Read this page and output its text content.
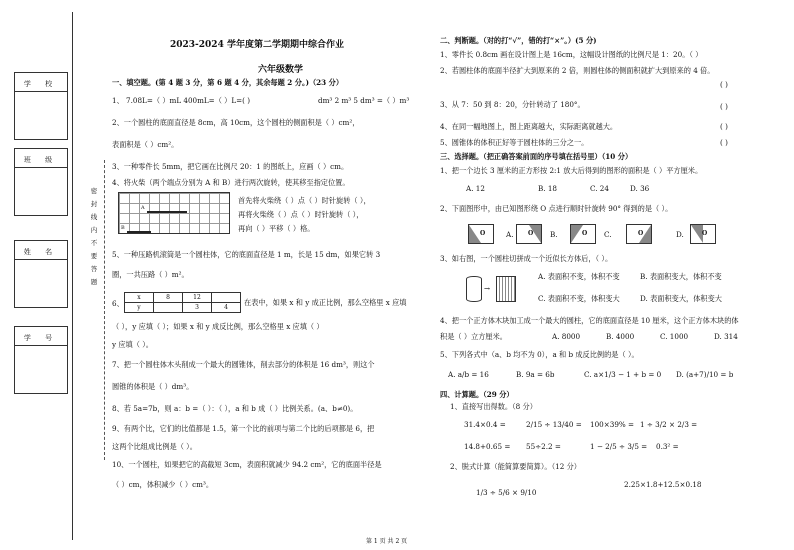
学 校
班 级
姓 名
学 号
密
封
线
内
不
要
答
题
2023-2024 学年度第二学期期中综合作业
六年级数学
一、填空题。(第 4 题 3 分，第 6 题 4 分，其余每题 2 分。)（23 分）
1、 7.08L=（ ）mL 400mL=（ ）L=( )	dm³ 2 m³ 5 dm³ =（ ）m³
2、一个圆柱的底面直径是 8cm，高 10cm，这个圆柱的侧面积是（ ）cm²，
表面积是（ ）cm²。
3、一种零件长 5mm，把它画在比例尺 20：1 的图纸上，应画（ ）cm。
4、将火柴（两个端点分别为 A 和 B）进行两次旋转，使其移至指定位置。
A
B
首先将火柴绕（ ）点（ ）时针旋转（ ），
再将火柴绕（ ）点（ ）时针旋转（ ），
再向（ ）平移（ ）格。
5、一种压路机滚筒是一个圆柱体，它的底面直径是 1 m，长是 15 dm，如果它转 3
圈，一共压路（ ）m²。
6、
x	8	12	
y		3	4
在表中，如果 x 和 y 成正比例，那么空格里 x 应填
（ ），y 应填（ ）；如果 x 和 y 成反比例，那么空格里 x 应填（ ）
y 应填（ ）。
7、把一个圆柱体木头削成一个最大的圆锥体，削去部分的体积是 16 dm³，则这个
圆锥的体积是（ ）dm³。
8、若 5a=7b，则 a：b =（ ）：（ ），a 和 b 成（ ）比例关系。(a、b≠0)。
9、有两个比，它们的比值都是 1.5，第一个比的前项与第二个比的后项都是 6，把
这两个比组成比例是（ ）。
10、一个圆柱，如果把它的高截短 3cm，表面积就减少 94.2 cm²，它的底面半径是
（ ）cm，体积减少（ ）cm³。
二、判断题。（对的打“√”，错的打“×”。）(5 分)
1、零件长 0.8cm 画在设计图上是 16cm，这幅设计图纸的比例尺是 1：20。（ ）
2、若圆柱体的底面半径扩大到原来的 2 倍，则圆柱体的侧面积就扩大到原来的 4 倍。
( )
3、从 7：50 到 8：20，分针转动了 180°。	( )
4、在同一幅地图上，图上距离越大，实际距离就越大。	( )
5、圆锥体的体积正好等于圆柱体的三分之一。	( )
三、选择题。（把正确答案前面的序号填在括号里）（10 分）
1、把一个边长 3 厘米的正方形按 2:1 放大后得到的图形的面积是（ ）平方厘米。
A. 12	B. 18	C. 24	D. 36
2、下面图形中，由已知图形绕 O 点进行顺时针旋转 90° 得到的是（ ）。
O	A. O B.	O C.	O	D.	O
3、如右图，一个圆柱切拼成一个近似长方体后，（ ）。
→
A. 表面积不变，体积不变	B. 表面积变大，体积不变
C. 表面积不变，体积变大	D. 表面积变大，体积变大
4、把一个正方体木块加工成一个最大的圆柱，它的底面直径是 10 厘米，这个正方体木块的体
积是（ ）立方厘米。	A. 8000	B. 4000	C. 1000	D. 314
5、下列各式中（a、b 均不为 0），a 和 b 成反比例的是（ ）。
A. a/b = 16	B. 9a = 6b	C. a×1/3 − 1 + b = 0 D. (a+7)/10 = b
四、计算题。（29 分）
1、直接写出得数。（8 分）
31.4×0.4 =	2/15 ÷ 13/40 = 100×39% = 1 ÷ 3/2 × 2/3 =
14.8+0.65 = 55÷2.2 =	1 − 2/5 ÷ 3/5 = 0.3² =
2、脱式计算（能简算要简算）。（12 分）
1/3 ÷ 5/6 × 9/10
2.25×1.8+12.5×0.18
第 1 页 共 2 页
